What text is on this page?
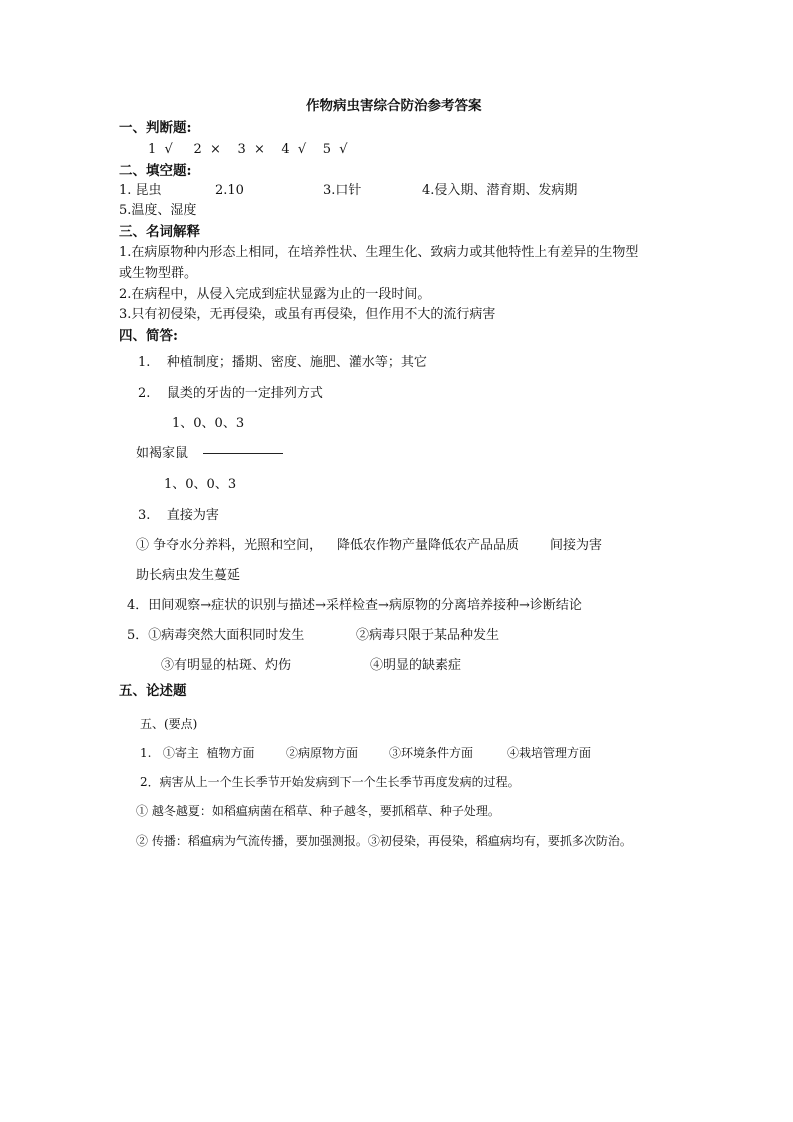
作物病虫害综合防治参考答案
一、判断题:
1  √     2  ×    3  ×    4  √    5  √
二、填空题:
1. 昆虫	2.10	3.口针	4.侵入期、潜育期、发病期
5.温度、湿度
三、名词解释
1.在病原物种内形态上相同，在培养性状、生理生化、致病力或其他特性上有差异的生物型
或生物型群。
2.在病程中，从侵入完成到症状显露为止的一段时间。
3.只有初侵染，无再侵染，或虽有再侵染，但作用不大的流行病害
四、简答:
1.    种植制度；播期、密度、施肥、灌水等；其它
2.    鼠类的牙齿的一定排列方式
1、0、0、3
如褐家鼠
1、0、0、3
3.    直接为害
① 争夺水分养料，光照和空间， 降低农作物产量降低农产品品质 间接为害
助长病虫发生蔓延
4．田间观察→症状的识别与描述→采样检查→病原物的分离培养接种→诊断结论
5．①病毒突然大面积同时发生	②病毒只限于某品种发生
③有明显的枯斑、灼伤	④明显的缺素症
五、论述题
五、(要点)
1.   ①寄主  植物方面	②病原物方面	③环境条件方面	④栽培管理方面
2．病害从上一个生长季节开始发病到下一个生长季节再度发病的过程。
① 越冬越夏：如稻瘟病菌在稻草、种子越冬，要抓稻草、种子处理。
② 传播：稻瘟病为气流传播，要加强测报。③初侵染，再侵染，稻瘟病均有，要抓多次防治。
